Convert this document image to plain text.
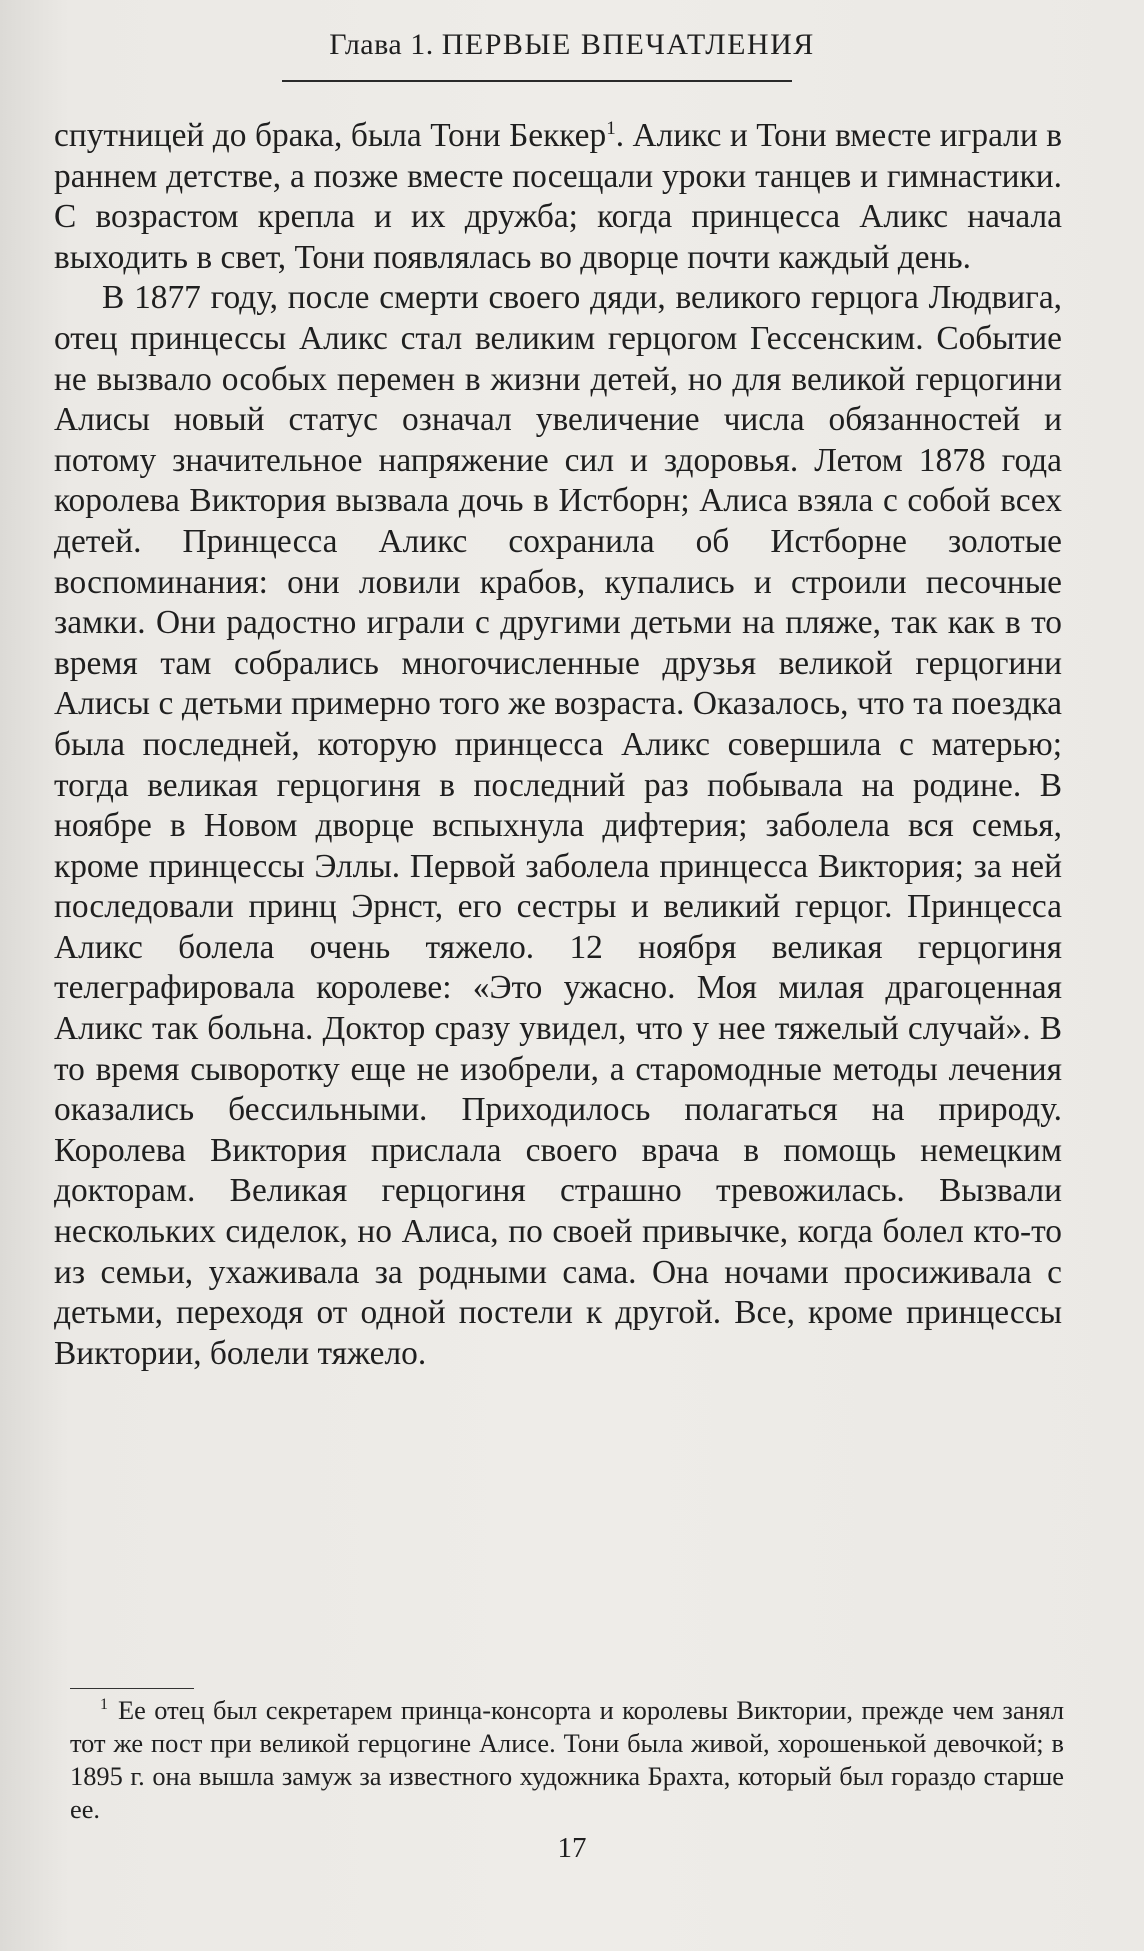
Глава 1. ПЕРВЫЕ ВПЕЧАТЛЕНИЯ

спутницей до брака, была Тони Беккер$^1$. Аликс и Тони вместе играли в раннем детстве, а позже вместе посещали уроки танцев и гимнастики. С возрастом крепла и их дружба; когда принцесса Аликс начала выходить в свет, Тони появлялась во дворце почти каждый день.

В 1877 году, после смерти своего дяди, великого герцога Людвига, отец принцессы Аликс стал великим герцогом Гессенским. Событие не вызвало особых перемен в жизни детей, но для великой герцогини Алисы новый статус означал увеличение числа обязанностей и потому значительное напряжение сил и здоровья. Летом 1878 года королева Виктория вызвала дочь в Истборн; Алиса взяла с собой всех детей. Принцесса Аликс сохранила об Истборне золотые воспоминания: они ловили крабов, купались и строили песочные замки. Они радостно играли с другими детьми на пляже, так как в то время там собрались многочисленные друзья великой герцогини Алисы с детьми примерно того же возраста. Оказалось, что та поездка была последней, которую принцесса Аликс совершила с матерью; тогда великая герцогиня в последний раз побывала на родине. В ноябре в Новом дворце вспыхнула дифтерия; заболела вся семья, кроме принцессы Эллы. Первой заболела принцесса Виктория; за ней последовали принц Эрнст, его сестры и великий герцог. Принцесса Аликс болела очень тяжело. 12 ноября великая герцогиня телеграфировала королеве: «Это ужасно. Моя милая драгоценная Аликс так больна. Доктор сразу увидел, что у нее тяжелый случай». В то время сыворотку еще не изобрели, а старомодные методы лечения оказались бессильными. Приходилось полагаться на природу. Королева Виктория прислала своего врача в помощь немецким докторам. Великая герцогиня страшно тревожилась. Вызвали нескольких сиделок, но Алиса, по своей привычке, когда болел кто-то из семьи, ухаживала за родными сама. Она ночами просиживала с детьми, переходя от одной постели к другой. Все, кроме принцессы Виктории, болели тяжело.

$^1$ Ее отец был секретарем принца-консорта и королевы Виктории, прежде чем занял тот же пост при великой герцогине Алисе. Тони была живой, хорошенькой девочкой; в 1895 г. она вышла замуж за известного художника Брахта, который был гораздо старше ее.

17
